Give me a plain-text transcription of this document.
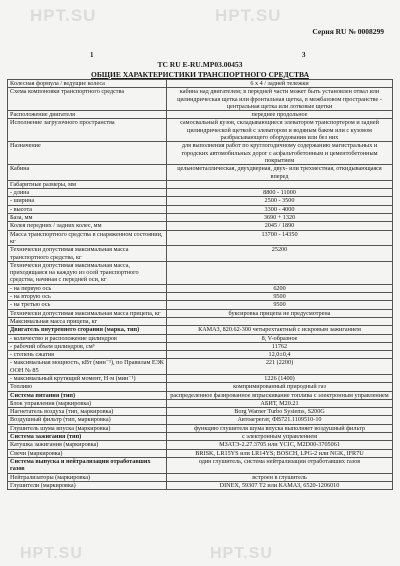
HPT.SU	HPT.SU
HPT.SU	HPT.SU
Серия RU № 0008299
1	3
ТС RU E-RU.МР03.00453
ОБЩИЕ ХАРАКТЕРИСТИКИ ТРАНСПОРТНОГО СРЕДСТВА
Колесная формула / ведущие колеса	6 x 4 / задней тележки
Схема компоновки транспортного средства	кабина над двигателем; в передней части может быть установлен отвал или цилиндрическая щетка или фронтальная щетка, в межбазовом пространстве - центральная щетка или лотковые щетки
Расположение двигателя	переднее продольное
Исполнение загрузочного пространства	самосвальный кузов, складывающиеся элеватором транспортером и задней цилиндрической щеткой с элеватором и водяным баком или с кузовом разбрасывающего оборудования или без них
Назначение	для выполнения работ по круглогодичному содержанию магистральных и городских автомобильных дорог с асфальтобетонным и цементобетонным покрытием
Кабина	цельнометаллическая, двухдверная, двух- или трехместная, откидывающаяся вперед
Габаритные размеры, мм	
- длина	8800 - 11000
- ширина	2500 - 3500
- высота	3300 - 4000
База, мм	3690 + 1320
Колея передних / задних колес, мм	2045 / 1890
Масса транспортного средства в снаряженном состоянии, кг	13700 - 14350
Технически допустимая максимальная масса транспортного средства, кг	25200
Технически допустимая максимальная масса, приходящаяся на каждую из осей транспортного средства, начиная с передней оси, кг	
- на первую ось	6200
- на вторую ось	9500
- на третью ось	9500
Технически допустимая максимальная масса прицепа, кг	буксировка прицепа не предусмотрена
Максимальная масса прицепа, кг	
Двигатель внутреннего сгорания (марка, тип)	КАМАЗ, 820.62-300 четырехтактный с искровым зажиганием
- количество и расположение цилиндров	8, V-образное
- рабочий объем цилиндров, см³	11762
- степень сжатия	12,0±0,4
- максимальная мощность, кВт (мин⁻¹), по Правилам ЕЭК ООН № 85	221 (2200)
- максимальный крутящий момент, Н·м (мин⁻¹)	1226 (1400)
Топливо	компримированный природный газ
Система питания (тип)	распределенное фазированное впрыскивание топлива с электронным управлением
Блок управления (маркировка)	АБИТ, М20.21
Нагнетатель воздуха (тип, маркировка)	Borg Warner Turbo Systems, S200G
Воздушный фильтр (тип, маркировка)	Автоагрегат, ФВ721.1109510-10
Глушитель шума впуска (маркировка)	функцию глушителя шума впуска выполняет воздушный фильтр
Система зажигания (тип)	с электронным управлением
Катушка зажигания (маркировка)	МЗАТЭ-2.27.3705 или YCIC, М2D00-3705061
Свечи (маркировка)	BRISK, LR15YS или LR14YS; BOSCH, LPG-2 или NGK, IFR7U
Система выпуска и нейтрализации отработавших газов	один глушитель, система нейтрализации отработавших газов
Нейтрализаторы (маркировка)	встроен в глушитель
Глушители (маркировка)	DINEX, 59307 Т2 или КАМАЗ, 6520-1206010
